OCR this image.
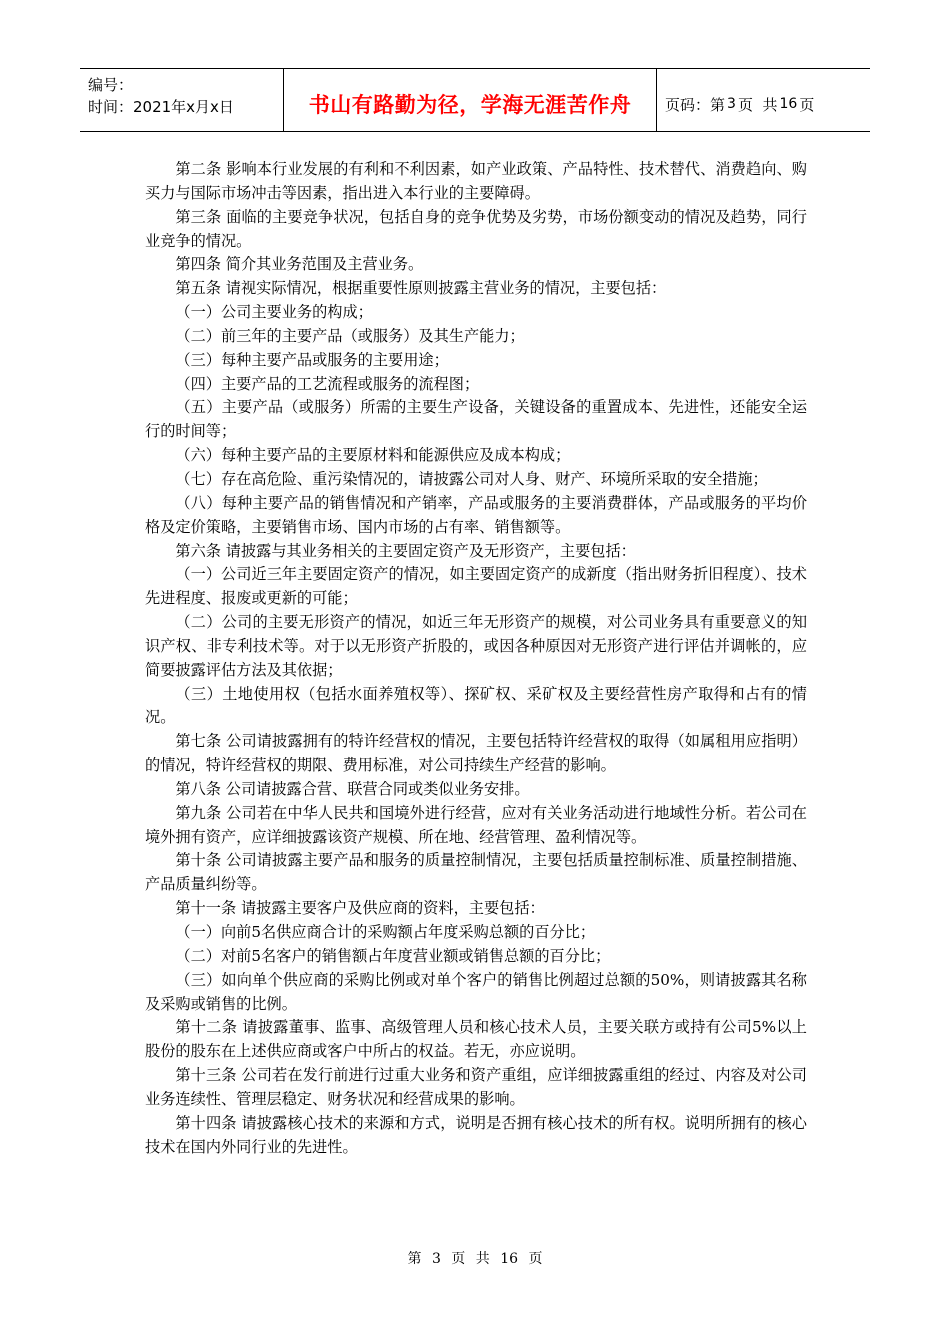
编号：
时间：2021年x月x日	书山有路勤为径，学海无涯苦作舟 页码：第 3 页  共 16 页

第二条 影响本行业发展的有利和不利因素，如产业政策、产品特性、技术替代、消费趋向、购买力与国际市场冲击等因素，指出进入本行业的主要障碍。

第三条 面临的主要竞争状况，包括自身的竞争优势及劣势，市场份额变动的情况及趋势，同行业竞争的情况。

第四条 简介其业务范围及主营业务。

第五条 请视实际情况，根据重要性原则披露主营业务的情况，主要包括：

（一）公司主要业务的构成；

（二）前三年的主要产品（或服务）及其生产能力；

（三）每种主要产品或服务的主要用途；

（四）主要产品的工艺流程或服务的流程图；

（五）主要产品（或服务）所需的主要生产设备，关键设备的重置成本、先进性，还能安全运行的时间等；

（六）每种主要产品的主要原材料和能源供应及成本构成；

（七）存在高危险、重污染情况的，请披露公司对人身、财产、环境所采取的安全措施；

（八）每种主要产品的销售情况和产销率，产品或服务的主要消费群体，产品或服务的平均价格及定价策略，主要销售市场、国内市场的占有率、销售额等。

第六条 请披露与其业务相关的主要固定资产及无形资产，主要包括：

（一）公司近三年主要固定资产的情况，如主要固定资产的成新度（指出财务折旧程度）、技术先进程度、报废或更新的可能；

（二）公司的主要无形资产的情况，如近三年无形资产的规模，对公司业务具有重要意义的知识产权、非专利技术等。对于以无形资产折股的，或因各种原因对无形资产进行评估并调帐的，应简要披露评估方法及其依据；

（三）土地使用权（包括水面养殖权等）、探矿权、采矿权及主要经营性房产取得和占有的情况。

第七条 公司请披露拥有的特许经营权的情况，主要包括特许经营权的取得（如属租用应指明）的情况，特许经营权的期限、费用标准，对公司持续生产经营的影响。

第八条 公司请披露合营、联营合同或类似业务安排。

第九条 公司若在中华人民共和国境外进行经营，应对有关业务活动进行地域性分析。若公司在境外拥有资产，应详细披露该资产规模、所在地、经营管理、盈利情况等。

第十条 公司请披露主要产品和服务的质量控制情况，主要包括质量控制标准、质量控制措施、产品质量纠纷等。

第十一条 请披露主要客户及供应商的资料，主要包括：

（一）向前5名供应商合计的采购额占年度采购总额的百分比；

（二）对前5名客户的销售额占年度营业额或销售总额的百分比；

（三）如向单个供应商的采购比例或对单个客户的销售比例超过总额的50%，则请披露其名称及采购或销售的比例。

第十二条 请披露董事、监事、高级管理人员和核心技术人员，主要关联方或持有公司5%以上股份的股东在上述供应商或客户中所占的权益。若无，亦应说明。

第十三条 公司若在发行前进行过重大业务和资产重组，应详细披露重组的经过、内容及对公司业务连续性、管理层稳定、财务状况和经营成果的影响。

第十四条 请披露核心技术的来源和方式，说明是否拥有核心技术的所有权。说明所拥有的核心技术在国内外同行业的先进性。

第 3 页 共 16 页
